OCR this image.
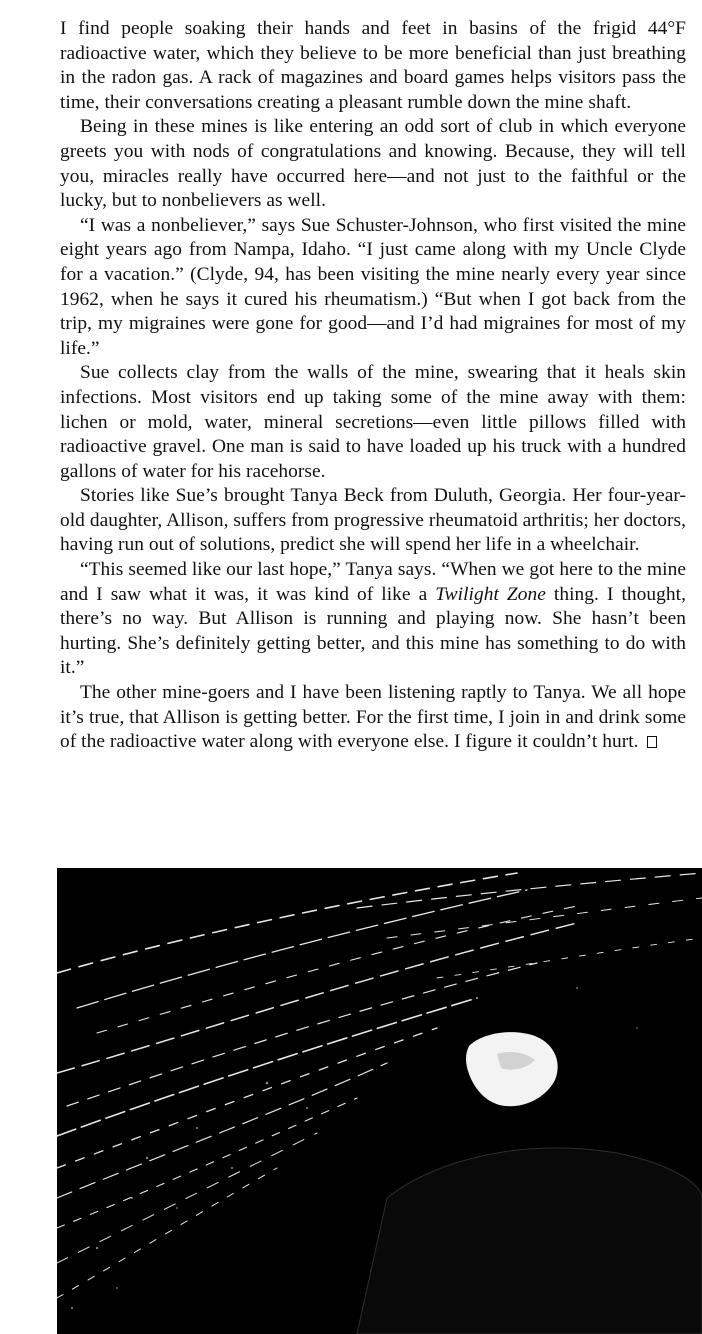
I find people soaking their hands and feet in basins of the frigid 44°F radioactive water, which they believe to be more beneficial than just breathing in the radon gas. A rack of magazines and board games helps visitors pass the time, their conversations creating a pleasant rumble down the mine shaft.

Being in these mines is like entering an odd sort of club in which everyone greets you with nods of congratulations and knowing. Because, they will tell you, miracles really have occurred here—and not just to the faithful or the lucky, but to nonbelievers as well.

“I was a nonbeliever,” says Sue Schuster-Johnson, who first visited the mine eight years ago from Nampa, Idaho. “I just came along with my Uncle Clyde for a vacation.” (Clyde, 94, has been visiting the mine nearly every year since 1962, when he says it cured his rheumatism.) “But when I got back from the trip, my migraines were gone for good—and I’d had migraines for most of my life.”

Sue collects clay from the walls of the mine, swearing that it heals skin infections. Most visitors end up taking some of the mine away with them: lichen or mold, water, mineral secretions—even little pillows filled with radioactive gravel. One man is said to have loaded up his truck with a hundred gallons of water for his racehorse.

Stories like Sue’s brought Tanya Beck from Duluth, Georgia. Her four-year-old daughter, Allison, suffers from progressive rheumatoid arthritis; her doctors, having run out of solutions, predict she will spend her life in a wheelchair.

“This seemed like our last hope,” Tanya says. “When we got here to the mine and I saw what it was, it was kind of like a Twilight Zone thing. I thought, there’s no way. But Allison is running and playing now. She hasn’t been hurting. She’s definitely getting better, and this mine has something to do with it.”

The other mine-goers and I have been listening raptly to Tanya. We all hope it’s true, that Allison is getting better. For the first time, I join in and drink some of the radioactive water along with everyone else. I figure it couldn’t hurt.
